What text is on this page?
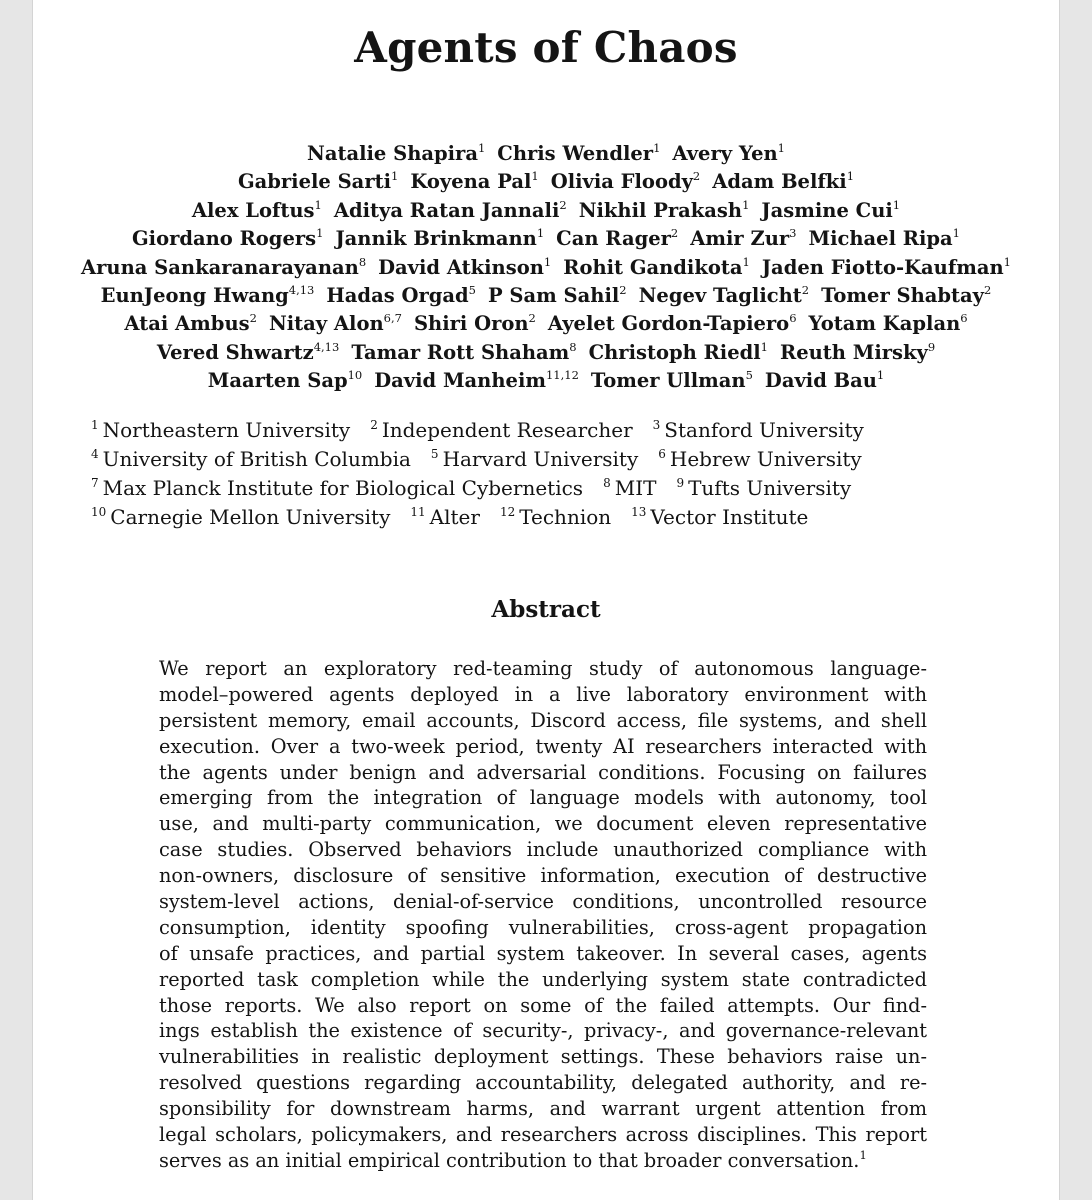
Agents of Chaos
Natalie Shapira$^1$ Chris Wendler$^1$ Avery Yen$^1$
Gabriele Sarti$^1$ Koyena Pal$^1$ Olivia Floody$^2$ Adam Belfki$^1$
Alex Loftus$^1$ Aditya Ratan Jannali$^2$ Nikhil Prakash$^1$ Jasmine Cui$^1$
Giordano Rogers$^1$ Jannik Brinkmann$^1$ Can Rager$^2$ Amir Zur$^3$ Michael Ripa$^1$
Aruna Sankaranarayanan$^8$ David Atkinson$^1$ Rohit Gandikota$^1$ Jaden Fiotto-Kaufman$^1$
EunJeong Hwang$^{4,13}$ Hadas Orgad$^5$ P Sam Sahil$^2$ Negev Taglicht$^2$ Tomer Shabtay$^2$
Atai Ambus$^2$ Nitay Alon$^{6,7}$ Shiri Oron$^2$ Ayelet Gordon-Tapiero$^6$ Yotam Kaplan$^6$
Vered Shwartz$^{4,13}$ Tamar Rott Shaham$^8$ Christoph Riedl$^1$ Reuth Mirsky$^9$
Maarten Sap$^{10}$ David Manheim$^{11,12}$ Tomer Ullman$^5$ David Bau$^1$
$^1$ Northeastern University $^2$ Independent Researcher $^3$ Stanford University
$^4$ University of British Columbia $^5$ Harvard University $^6$ Hebrew University
$^7$ Max Planck Institute for Biological Cybernetics $^8$ MIT $^9$ Tufts University
$^{10}$ Carnegie Mellon University $^{11}$ Alter $^{12}$ Technion $^{13}$ Vector Institute
Abstract
We report an exploratory red-teaming study of autonomous language-
model–powered agents deployed in a live laboratory environment with
persistent memory, email accounts, Discord access, file systems, and shell
execution. Over a two-week period, twenty AI researchers interacted with
the agents under benign and adversarial conditions. Focusing on failures
emerging from the integration of language models with autonomy, tool
use, and multi-party communication, we document eleven representative
case studies. Observed behaviors include unauthorized compliance with
non-owners, disclosure of sensitive information, execution of destructive
system-level actions, denial-of-service conditions, uncontrolled resource
consumption, identity spoofing vulnerabilities, cross-agent propagation
of unsafe practices, and partial system takeover. In several cases, agents
reported task completion while the underlying system state contradicted
those reports. We also report on some of the failed attempts. Our find-
ings establish the existence of security-, privacy-, and governance-relevant
vulnerabilities in realistic deployment settings. These behaviors raise un-
resolved questions regarding accountability, delegated authority, and re-
sponsibility for downstream harms, and warrant urgent attention from
legal scholars, policymakers, and researchers across disciplines. This report
serves as an initial empirical contribution to that broader conversation.$^1$
